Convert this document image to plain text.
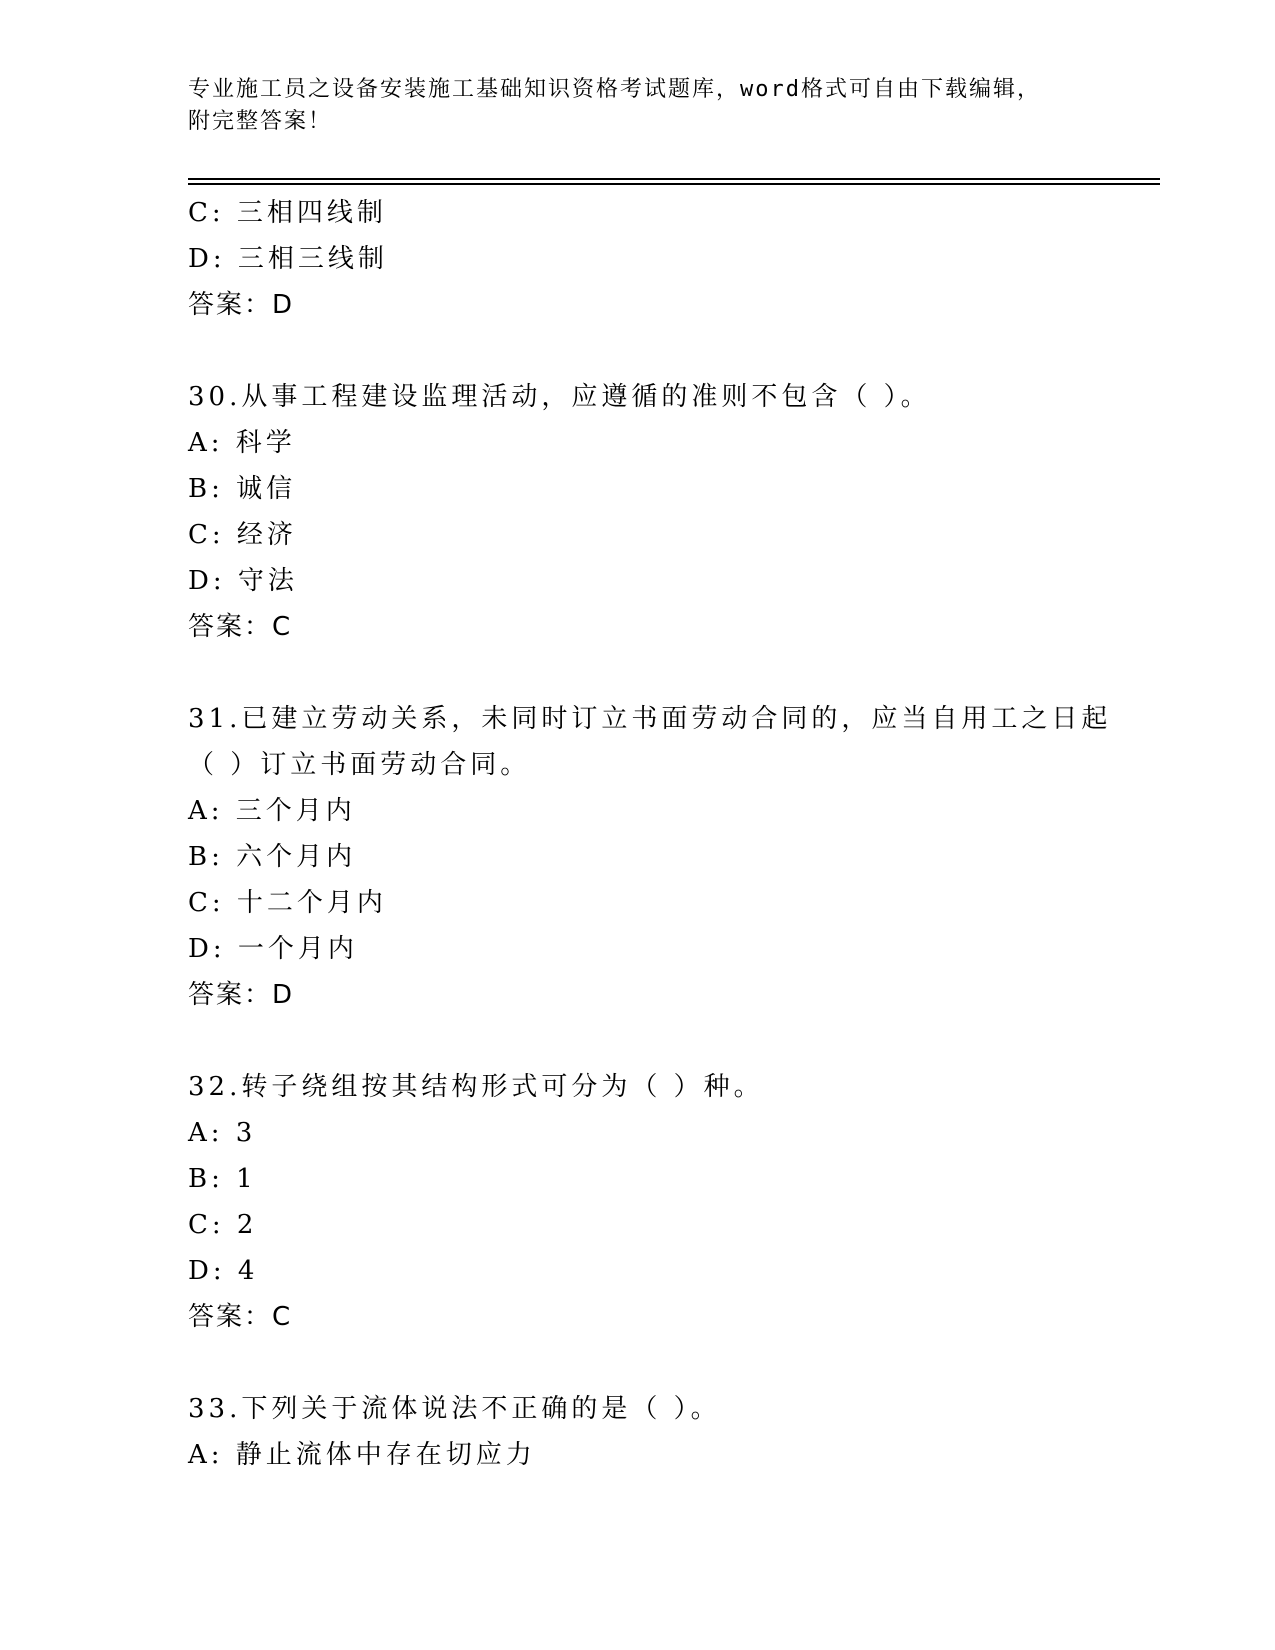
专业施工员之设备安装施工基础知识资格考试题库，word格式可自由下载编辑，
附完整答案！
C: 三相四线制
D: 三相三线制
答案：D
30.从事工程建设监理活动，应遵循的准则不包含（ ）。
A: 科学
B: 诚信
C: 经济
D: 守法
答案：C
31.已建立劳动关系，未同时订立书面劳动合同的，应当自用工之日起
（ ）订立书面劳动合同。
A: 三个月内
B: 六个月内
C: 十二个月内
D: 一个月内
答案：D
32.转子绕组按其结构形式可分为（ ）种。
A: 3
B: 1
C: 2
D: 4
答案：C
33.下列关于流体说法不正确的是（ ）。
A: 静止流体中存在切应力
